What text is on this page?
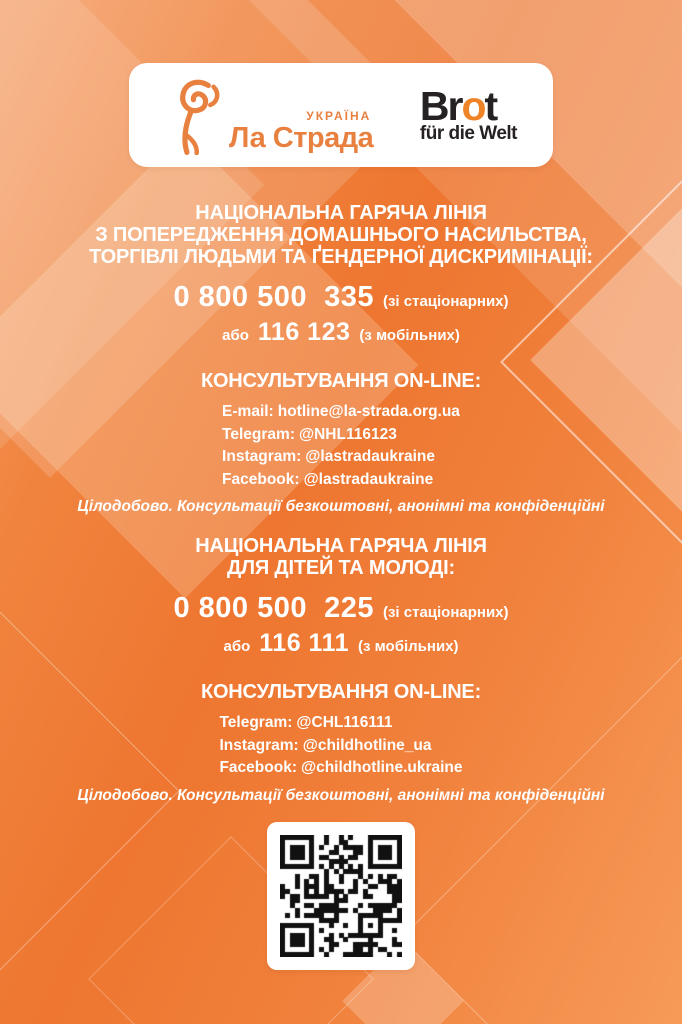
УКРАЇНА
Ла Страда
Brot
für die Welt
НАЦІОНАЛЬНА ГАРЯЧА ЛІНІЯ
З ПОПЕРЕДЖЕННЯ ДОМАШНЬОГО НАСИЛЬСТВА,
ТОРГІВЛІ ЛЮДЬМИ ТА ҐЕНДЕРНОЇ ДИСКРИМІНАЦІЇ:
0 800 500  335 (зі стаціонарних)
або 116 123 (з мобільних)
КОНСУЛЬТУВАННЯ ON-LINE:
E-mail: hotline@la-strada.org.ua
Telegram: @NHL116123
Instagram: @lastradaukraine
Facebook: @lastradaukraine
Цілодобово. Консультації безкоштовні, анонімні та конфіденційні
НАЦІОНАЛЬНА ГАРЯЧА ЛІНІЯ
ДЛЯ ДІТЕЙ ТА МОЛОДІ:
0 800 500  225 (зі стаціонарних)
або 116 111 (з мобільних)
КОНСУЛЬТУВАННЯ ON-LINE:
Telegram: @CHL116111
Instagram: @childhotline_ua
Facebook: @childhotline.ukraine
Цілодобово. Консультації безкоштовні, анонімні та конфіденційні
